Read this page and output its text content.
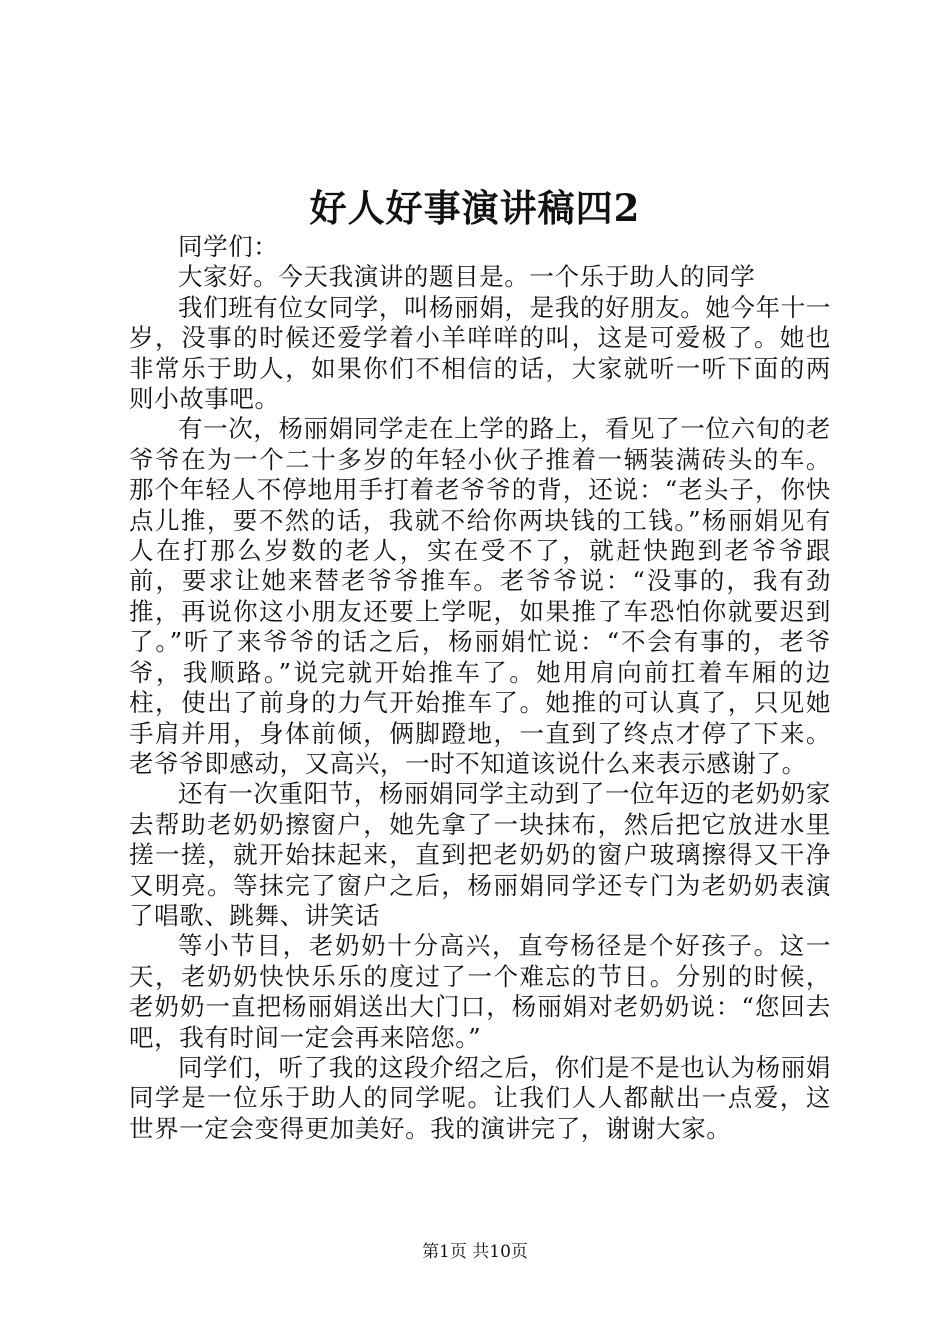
好人好事演讲稿四2

同学们：

大家好。今天我演讲的题目是。一个乐于助人的同学

我们班有位女同学，叫杨丽娟，是我的好朋友。她今年十一岁，没事的时候还爱学着小羊咩咩的叫，这是可爱极了。她也非常乐于助人，如果你们不相信的话，大家就听一听下面的两则小故事吧。

有一次，杨丽娟同学走在上学的路上，看见了一位六旬的老爷爷在为一个二十多岁的年轻小伙子推着一辆装满砖头的车。那个年轻人不停地用手打着老爷爷的背，还说：“老头子，你快点儿推，要不然的话，我就不给你两块钱的工钱。”杨丽娟见有人在打那么岁数的老人，实在受不了，就赶快跑到老爷爷跟前，要求让她来替老爷爷推车。老爷爷说：“没事的，我有劲推，再说你这小朋友还要上学呢，如果推了车恐怕你就要迟到了。”听了来爷爷的话之后，杨丽娟忙说：“不会有事的，老爷爷，我顺路。”说完就开始推车了。她用肩向前扛着车厢的边柱，使出了前身的力气开始推车了。她推的可认真了，只见她手肩并用，身体前倾，俩脚蹬地，一直到了终点才停了下来。老爷爷即感动，又高兴，一时不知道该说什么来表示感谢了。

还有一次重阳节，杨丽娟同学主动到了一位年迈的老奶奶家去帮助老奶奶擦窗户，她先拿了一块抹布，然后把它放进水里搓一搓，就开始抹起来，直到把老奶奶的窗户玻璃擦得又干净又明亮。等抹完了窗户之后，杨丽娟同学还专门为老奶奶表演了唱歌、跳舞、讲笑话

等小节目，老奶奶十分高兴，直夸杨径是个好孩子。这一天，老奶奶快快乐乐的度过了一个难忘的节日。分别的时候，老奶奶一直把杨丽娟送出大门口，杨丽娟对老奶奶说：“您回去吧，我有时间一定会再来陪您。”

同学们，听了我的这段介绍之后，你们是不是也认为杨丽娟同学是一位乐于助人的同学呢。让我们人人都献出一点爱，这世界一定会变得更加美好。我的演讲完了，谢谢大家。

第1页 共10页
